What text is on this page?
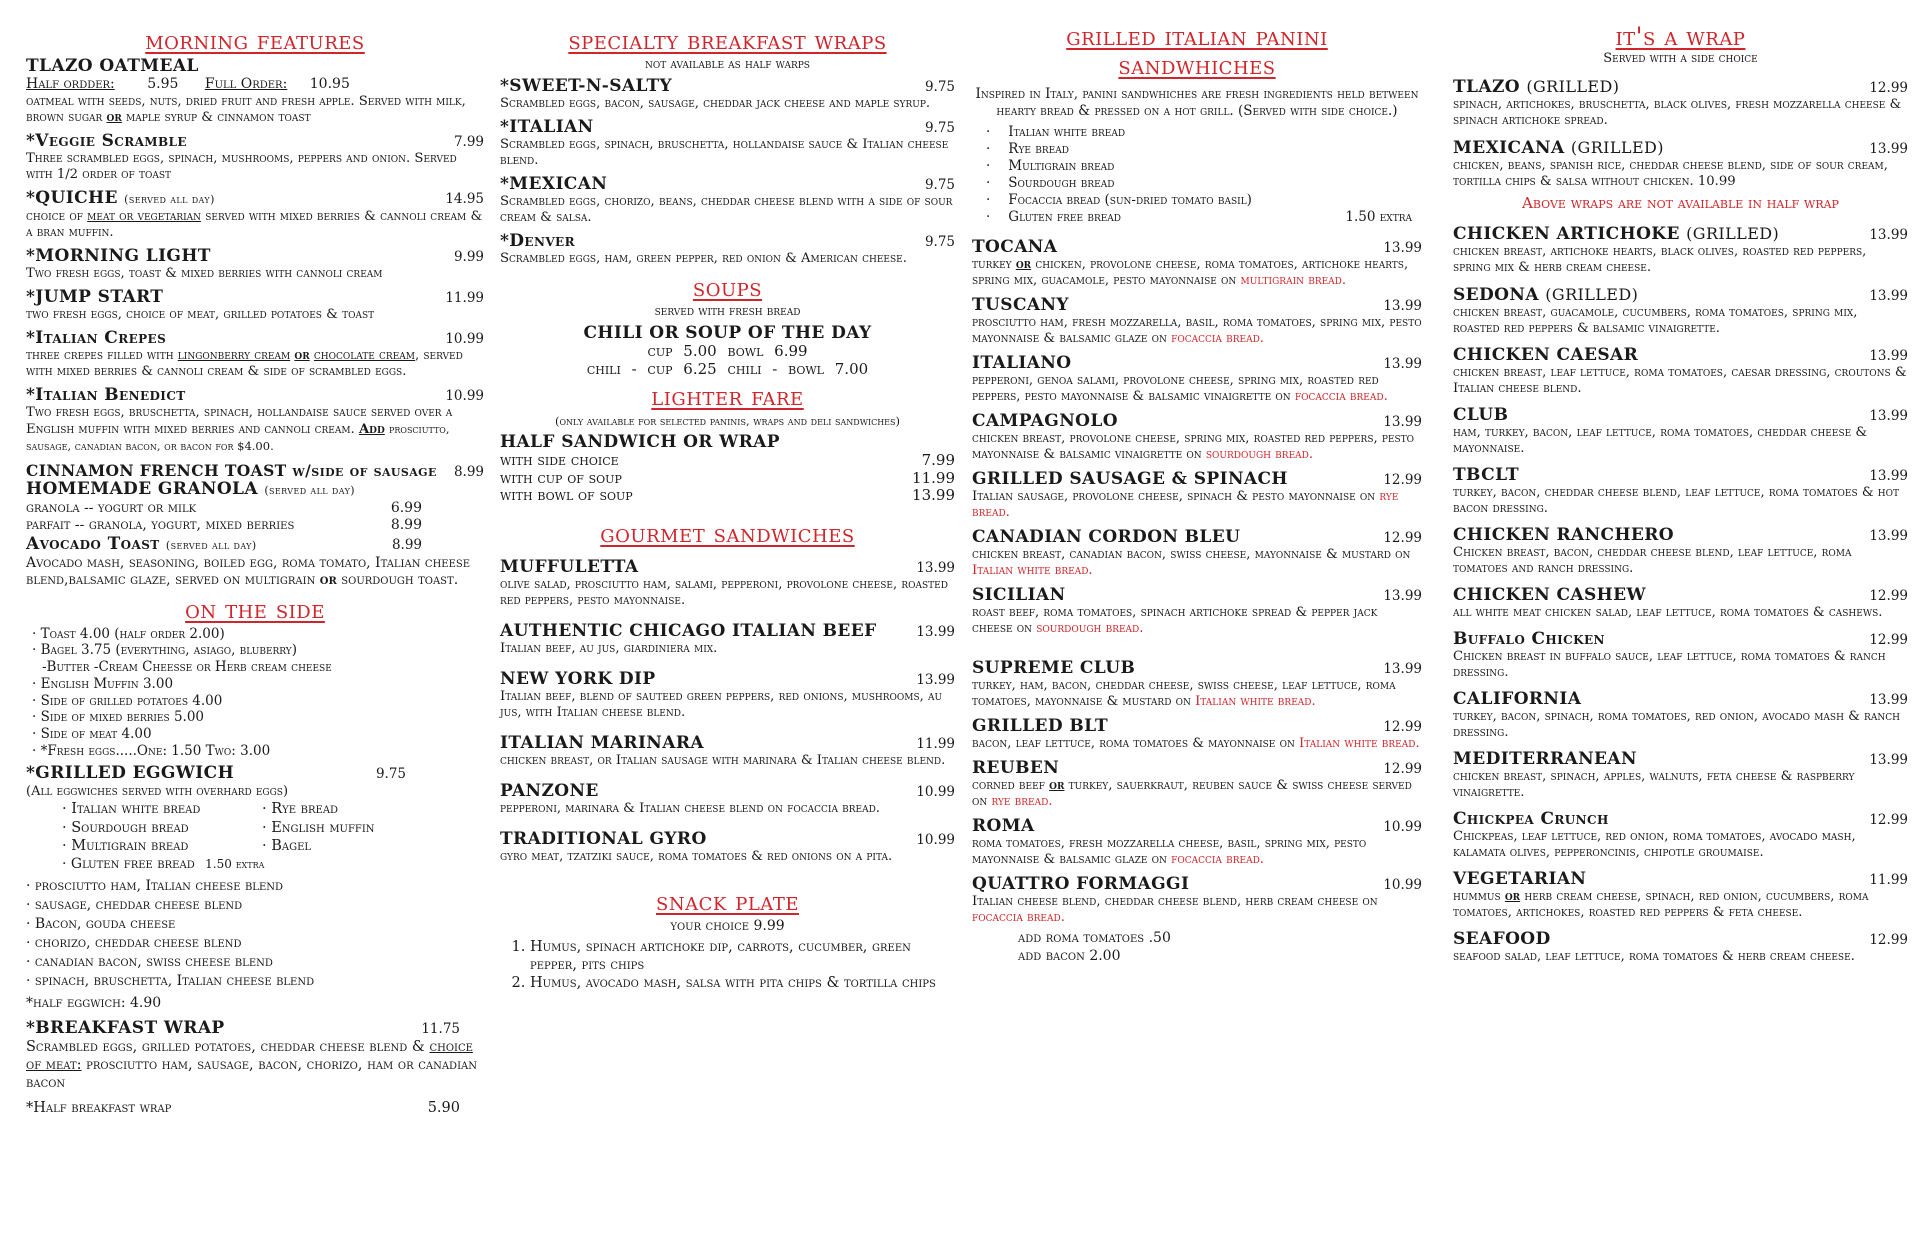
morning features
TLAZO OATMEAL
Half ordder: 5.95 Full Order: 10.95
oatmeal with seeds, nuts, dried fruit and fresh apple. Served with milk, brown sugar or maple syrup & cinnamon toast
*Veggie Scramble	7.99
Three scrambled eggs, spinach, mushrooms, peppers and onion. Served with 1/2 order of toast
*QUICHE (served all day)	14.95
choice of meat or vegetarian served with mixed berries & cannoli cream & a bran muffin.
*MORNING LIGHT	9.99
Two fresh eggs, toast & mixed berries with cannoli cream
*JUMP START	11.99
two fresh eggs, choice of meat, grilled potatoes & toast
*Italian Crepes	10.99
three crepes filled with lingonberry cream or chocolate cream, served with mixed berries & cannoli cream & side of scrambled eggs.
*Italian Benedict	10.99
Two fresh eggs, bruschetta, spinach, hollandaise sauce served over a English muffin with mixed berries and cannoli cream. Add prosciutto, sausage, canadian bacon, or bacon for $4.00.
CINNAMON FRENCH TOAST w/side of sausage	8.99
HOMEMADE GRANOLA (served all day)
granola -- yogurt or milk	6.99
parfait -- granola, yogurt, mixed berries	8.99
Avocado Toast (served all day)	8.99
Avocado mash, seasoning, boiled egg, roma tomato, Italian cheese blend,balsamic glaze, served on multigrain or sourdough toast.
on the side
· Toast 4.00 (half order 2.00)
· Bagel 3.75 (everything, asiago, bluberry)
-Butter -Cream Cheesse or Herb cream cheese
· English Muffin 3.00
· Side of grilled potatoes 4.00
· Side of mixed berries 5.00
· Side of meat 4.00
· *Fresh eggs.....One: 1.50 Two: 3.00
*GRILLED EGGWICH	9.75
(All eggwiches served with overhard eggs)
· Italian white bread	· Rye bread
· Sourdough bread	· English muffin
· Multigrain bread	· Bagel
· Gluten free bread 1.50 extra
· prosciutto ham, Italian cheese blend
· sausage, cheddar cheese blend
· Bacon, gouda cheese
· chorizo, cheddar cheese blend
· canadian bacon, swiss cheese blend
· spinach, bruschetta, Italian cheese blend
*half eggwich: 4.90
*BREAKFAST WRAP	11.75
Scrambled eggs, grilled potatoes, cheddar cheese blend & choice of meat: prosciutto ham, sausage, bacon, chorizo, ham or canadian bacon
*Half breakfast wrap	5.90
specialty breakfast wraps
not available as half warps
*SWEET-N-SALTY	9.75
Scrambled eggs, bacon, sausage, cheddar jack cheese and maple syrup.
*ITALIAN	9.75
Scrambled eggs, spinach, bruschetta, hollandaise sauce & Italian cheese blend.
*MEXICAN	9.75
Scrambled eggs, chorizo, beans, cheddar cheese blend with a side of sour cream & salsa.
*Denver	9.75
Scrambled eggs, ham, green pepper, red onion & American cheese.
soups
served with fresh bread
CHILI OR SOUP OF THE DAY
cup 5.00 bowl 6.99
chili - cup 6.25 chili - bowl 7.00
lighter fare
(only available for selected paninis, wraps and deli sandwiches)
HALF SANDWICH OR WRAP
with side choice	7.99
with cup of soup	11.99
with bowl of soup	13.99
gourmet sandwiches
MUFFULETTA	13.99
olive salad, prosciutto ham, salami, pepperoni, provolone cheese, roasted red peppers, pesto mayonnaise.
AUTHENTIC CHICAGO ITALIAN BEEF	13.99
Italian beef, au jus, giardiniera mix.
NEW YORK DIP	13.99
Italian beef, blend of sauteed green peppers, red onions, mushrooms, au jus, with Italian cheese blend.
ITALIAN MARINARA	11.99
chicken breast, or Italian sausage with marinara & Italian cheese blend.
PANZONE	10.99
pepperoni, marinara & Italian cheese blend on focaccia bread.
TRADITIONAL GYRO	10.99
gyro meat, tzatziki sauce, roma tomatoes & red onions on a pita.
snack plate
your choice 9.99
1. Humus, spinach artichoke dip, carrots, cucumber, green pepper, pits chips
2. Humus, avocado mash, salsa with pita chips & tortilla chips
grilled italian panini
sandwhiches
Inspired in Italy, panini sandwhiches are fresh ingredients held between hearty bread & pressed on a hot grill. (Served with side choice.)
· Italian white bread
· Rye bread
· Multigrain bread
· Sourdough bread
· Focaccia bread (sun-dried tomato basil)
· Gluten free bread	1.50 extra
TOCANA	13.99
turkey or chicken, provolone cheese, roma tomatoes, artichoke hearts, spring mix, guacamole, pesto mayonnaise on multigrain bread.
TUSCANY	13.99
prosciutto ham, fresh mozzarella, basil, roma tomatoes, spring mix, pesto mayonnaise & balsamic glaze on focaccia bread.
ITALIANO	13.99
pepperoni, genoa salami, provolone cheese, spring mix, roasted red peppers, pesto mayonnaise & balsamic vinaigrette on focaccia bread.
CAMPAGNOLO	13.99
chicken breast, provolone cheese, spring mix, roasted red peppers, pesto mayonnaise & balsamic vinaigrette on sourdough bread.
GRILLED SAUSAGE & SPINACH	12.99
Italian sausage, provolone cheese, spinach & pesto mayonnaise on rye bread.
CANADIAN CORDON BLEU	12.99
chicken breast, canadian bacon, swiss cheese, mayonnaise & mustard on Italian white bread.
SICILIAN	13.99
roast beef, roma tomatoes, spinach artichoke spread & pepper jack cheese on sourdough bread.
SUPREME CLUB	13.99
turkey, ham, bacon, cheddar cheese, swiss cheese, leaf lettuce, roma tomatoes, mayonnaise & mustard on Italian white bread.
GRILLED BLT	12.99
bacon, leaf lettuce, roma tomatoes & mayonnaise on Italian white bread.
REUBEN	12.99
corned beef or turkey, sauerkraut, reuben sauce & swiss cheese served on rye bread.
ROMA	10.99
roma tomatoes, fresh mozzarella cheese, basil, spring mix, pesto mayonnaise & balsamic glaze on focaccia bread.
QUATTRO FORMAGGI	10.99
Italian cheese blend, cheddar cheese blend, herb cream cheese on focaccia bread.
add roma tomatoes .50
add bacon 2.00
it's a wrap
Served with a side choice
TLAZO (GRILLED)	12.99
spinach, artichokes, bruschetta, black olives, fresh mozzarella cheese & spinach artichoke spread.
MEXICANA (GRILLED)	13.99
chicken, beans, spanish rice, cheddar cheese blend, side of sour cream, tortilla chips & salsa without chicken. 10.99
Above wraps are not available in half wrap
CHICKEN ARTICHOKE (GRILLED)	13.99
chicken breast, artichoke hearts, black olives, roasted red peppers, spring mix & herb cream cheese.
SEDONA (GRILLED)	13.99
chicken breast, guacamole, cucumbers, roma tomatoes, spring mix, roasted red peppers & balsamic vinaigrette.
CHICKEN CAESAR	13.99
chicken breast, leaf lettuce, roma tomatoes, caesar dressing, croutons & Italian cheese blend.
CLUB	13.99
ham, turkey, bacon, leaf lettuce, roma tomatoes, cheddar cheese & mayonnaise.
TBCLT	13.99
turkey, bacon, cheddar cheese blend, leaf lettuce, roma tomatoes & hot bacon dressing.
CHICKEN RANCHERO	13.99
Chicken breast, bacon, cheddar cheese blend, leaf lettuce, roma tomatoes and ranch dressing.
CHICKEN CASHEW	12.99
all white meat chicken salad, leaf lettuce, roma tomatoes & cashews.
Buffalo Chicken	12.99
Chicken breast in buffalo sauce, leaf lettuce, roma tomatoes & ranch dressing.
CALIFORNIA	13.99
turkey, bacon, spinach, roma tomatoes, red onion, avocado mash & ranch dressing.
MEDITERRANEAN	13.99
chicken breast, spinach, apples, walnuts, feta cheese & raspberry vinaigrette.
Chickpea Crunch	12.99
Chickpeas, leaf lettuce, red onion, roma tomatoes, avocado mash, kalamata olives, pepperoncinis, chipotle groumaise.
VEGETARIAN	11.99
hummus or herb cream cheese, spinach, red onion, cucumbers, roma tomatoes, artichokes, roasted red peppers & feta cheese.
SEAFOOD	12.99
seafood salad, leaf lettuce, roma tomatoes & herb cream cheese.
